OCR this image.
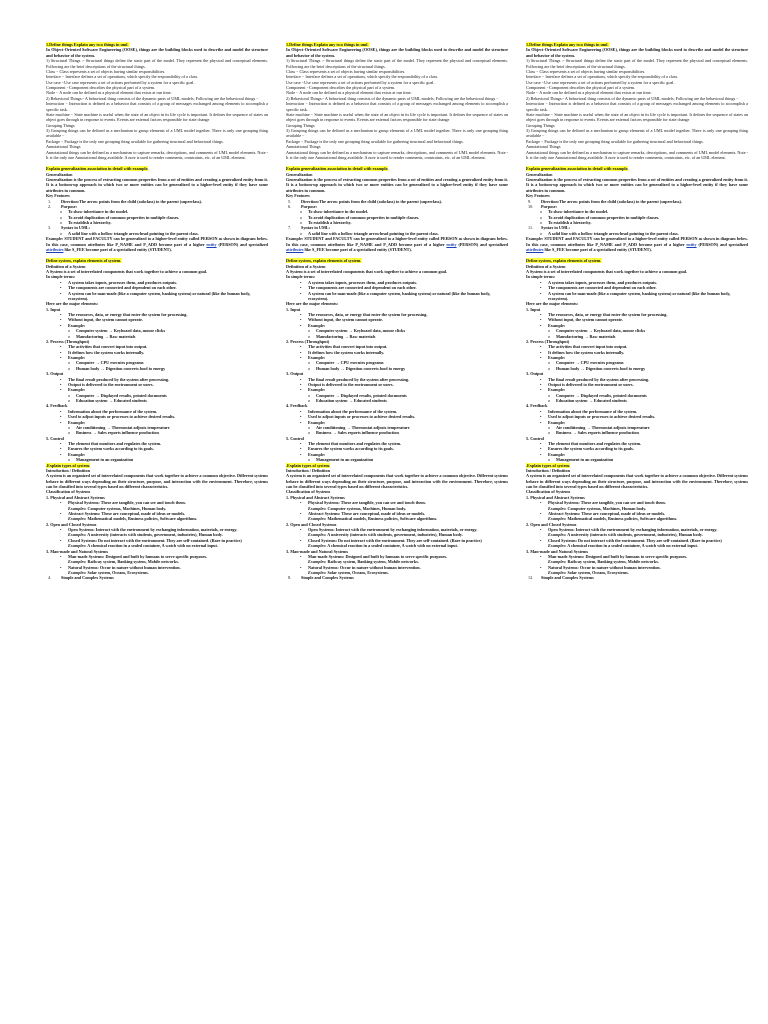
1.Define things Explain any two things in uml.

In Object-Oriented Software Engineering (OOSE), things are the building blocks used to describe and model the structure and behavior of the system.

1) Structural Things :- Structural things define the static part of the model. They represent the physical and conceptual elements. Following are the brief descriptions of the structural things.

Class − Class represents a set of objects having similar responsibilities.

Interface − Interface defines a set of operations, which specify the responsibility of a class.

Use case −Use case represents a set of actions performed by a system for a specific goal.

Component −Component describes the physical part of a system.

Node − A node can be defined as a physical element that exists at run time.

2) Behavioral Things:- A behavioral thing consists of the dynamic parts of UML models. Following are the behavioral things −

Interaction − Interaction is defined as a behavior that consists of a group of messages exchanged among elements to accomplish a specific task.

State machine − State machine is useful when the state of an object in its life cycle is important. It defines the sequence of states an object goes through in response to events. Events are external factors responsible for state change

Grouping Things

3) Grouping things can be defined as a mechanism to group elements of a UML model together. There is only one grouping thing available −

Package − Package is the only one grouping thing available for gathering structural and behavioral things.

Annotational Things

Annotational things can be defined as a mechanism to capture remarks, descriptions, and comments of UML model elements. Note - It is the only one Annotational thing available. A note is used to render comments, constraints, etc. of an UML element.

Explain generalization association in detail with example.

Generalization

Generalization is the process of extracting common properties from a set of entities and creating a generalized entity from it. It is a bottom-up approach in which two or more entities can be generalized to a higher-level entity if they have some attributes in common.

Key Features

1.	Direction:The arrow points from the child (subclass) to the parent (superclass).
2.	Purpose:
o	To show inheritance in the model.
o	To avoid duplication of common properties in multiple classes.
o	To establish a hierarchy.
3.	Syntax in UML:
o	A solid line with a hollow triangle arrowhead pointing to the parent class.

Example: STUDENT and FACULTY can be generalized to a higher-level entity called PERSON as shown in diagram below. In this case, common attributes like P_NAME and P_ADD become part of a higher entity (PERSON) and specialized attributes like S_FEE become part of a specialized entity (STUDENT).

Define system, explain elements of system.

Definition of a System

A System is a set of interrelated components that work together to achieve a common goal.

In simple terms:

•	A system takes inputs, processes them, and produces outputs.
•	The components are connected and dependent on each other.
•	A system can be man-made (like a computer system, banking system) or natural (like the human body, ecosystem).

Here are the major elements:

1. Input

•	The resources, data, or energy that enter the system for processing.
•	Without input, the system cannot operate.
•	Example:
o	Computer system → Keyboard data, mouse clicks
o	Manufacturing → Raw materials

2. Process (Throughput)

•	The activities that convert input into output.
•	It defines how the system works internally.
•	Example:
o	Computer → CPU executes programs
o	Human body → Digestion converts food to energy

3. Output

•	The final result produced by the system after processing.
•	Output is delivered to the environment or users.
•	Example:
o	Computer → Displayed results, printed documents
o	Education system → Educated students

4. Feedback

•	Information about the performance of the system.
•	Used to adjust inputs or processes to achieve desired results.
•	Example:
o	Air conditioning → Thermostat adjusts temperature
o	Business → Sales reports influence production

5. Control

•	The element that monitors and regulates the system.
•	Ensures the system works according to its goals.
•	Example:
o	Management in an organization

.Explain types of system.

Introduction / Definition

A system is an organized set of interrelated components that work together to achieve a common objective. Different systems behave in different ways depending on their structure, purpose, and interaction with the environment. Therefore, systems can be classified into several types based on different characteristics.

Classification of Systems

1. Physical and Abstract Systems

•	Physical Systems: These are tangible, you can see and touch them.
Examples: Computer systems, Machines, Human body.
•	Abstract Systems: These are conceptual, made of ideas or models.
Examples: Mathematical models, Business policies, Software algorithms.

2. Open and Closed Systems

•	Open Systems: Interact with the environment by exchanging information, materials, or energy.
Examples: A university (interacts with students, government, industries), Human body.
•	Closed Systems: Do not interact with the environment. They are self-contained. (Rare in practice)
Examples: A chemical reaction in a sealed container, A watch with no external input.

3. Man-made and Natural Systems

•	Man-made Systems: Designed and built by humans to serve specific purposes.
Examples: Railway system, Banking system, Mobile networks.
•	Natural Systems: Occur in nature without human intervention.
Examples: Solar system, Oceans, Ecosystems.
4.	Simple and Complex Systems

1.Define things Explain any two things in uml.

In Object-Oriented Software Engineering (OOSE), things are the building blocks used to describe and model the structure and behavior of the system.

1) Structural Things :- Structural things define the static part of the model. They represent the physical and conceptual elements. Following are the brief descriptions of the structural things.

Class − Class represents a set of objects having similar responsibilities.

Interface − Interface defines a set of operations, which specify the responsibility of a class.

Use case −Use case represents a set of actions performed by a system for a specific goal.

Component −Component describes the physical part of a system.

Node − A node can be defined as a physical element that exists at run time.

2) Behavioral Things:- A behavioral thing consists of the dynamic parts of UML models. Following are the behavioral things −

Interaction − Interaction is defined as a behavior that consists of a group of messages exchanged among elements to accomplish a specific task.

State machine − State machine is useful when the state of an object in its life cycle is important. It defines the sequence of states an object goes through in response to events. Events are external factors responsible for state change

Grouping Things

3) Grouping things can be defined as a mechanism to group elements of a UML model together. There is only one grouping thing available −

Package − Package is the only one grouping thing available for gathering structural and behavioral things.

Annotational Things

Annotational things can be defined as a mechanism to capture remarks, descriptions, and comments of UML model elements. Note - It is the only one Annotational thing available. A note is used to render comments, constraints, etc. of an UML element.

Explain generalization association in detail with example.

Generalization

Generalization is the process of extracting common properties from a set of entities and creating a generalized entity from it. It is a bottom-up approach in which two or more entities can be generalized to a higher-level entity if they have some attributes in common.

Key Features

5.	Direction:The arrow points from the child (subclass) to the parent (superclass).
6.	Purpose:
o	To show inheritance in the model.
o	To avoid duplication of common properties in multiple classes.
o	To establish a hierarchy.
7.	Syntax in UML:
o	A solid line with a hollow triangle arrowhead pointing to the parent class.

Example: STUDENT and FACULTY can be generalized to a higher-level entity called PERSON as shown in diagram below. In this case, common attributes like P_NAME and P_ADD become part of a higher entity (PERSON) and specialized attributes like S_FEE become part of a specialized entity (STUDENT).

Define system, explain elements of system.

Definition of a System

A System is a set of interrelated components that work together to achieve a common goal.

In simple terms:

•	A system takes inputs, processes them, and produces outputs.
•	The components are connected and dependent on each other.
•	A system can be man-made (like a computer system, banking system) or natural (like the human body, ecosystem).

Here are the major elements:

1. Input

•	The resources, data, or energy that enter the system for processing.
•	Without input, the system cannot operate.
•	Example:
o	Computer system → Keyboard data, mouse clicks
o	Manufacturing → Raw materials

2. Process (Throughput)

•	The activities that convert input into output.
•	It defines how the system works internally.
•	Example:
o	Computer → CPU executes programs
o	Human body → Digestion converts food to energy

3. Output

•	The final result produced by the system after processing.
•	Output is delivered to the environment or users.
•	Example:
o	Computer → Displayed results, printed documents
o	Education system → Educated students

4. Feedback

•	Information about the performance of the system.
•	Used to adjust inputs or processes to achieve desired results.
•	Example:
o	Air conditioning → Thermostat adjusts temperature
o	Business → Sales reports influence production

5. Control

•	The element that monitors and regulates the system.
•	Ensures the system works according to its goals.
•	Example:
o	Management in an organization

.Explain types of system.

Introduction / Definition

A system is an organized set of interrelated components that work together to achieve a common objective. Different systems behave in different ways depending on their structure, purpose, and interaction with the environment. Therefore, systems can be classified into several types based on different characteristics.

Classification of Systems

1. Physical and Abstract Systems

•	Physical Systems: These are tangible, you can see and touch them.
Examples: Computer systems, Machines, Human body.
•	Abstract Systems: These are conceptual, made of ideas or models.
Examples: Mathematical models, Business policies, Software algorithms.

2. Open and Closed Systems

•	Open Systems: Interact with the environment by exchanging information, materials, or energy.
Examples: A university (interacts with students, government, industries), Human body.
•	Closed Systems: Do not interact with the environment. They are self-contained. (Rare in practice)
Examples: A chemical reaction in a sealed container, A watch with no external input.

3. Man-made and Natural Systems

•	Man-made Systems: Designed and built by humans to serve specific purposes.
Examples: Railway system, Banking system, Mobile networks.
•	Natural Systems: Occur in nature without human intervention.
Examples: Solar system, Oceans, Ecosystems.
8.	Simple and Complex Systems

1.Define things Explain any two things in uml.

In Object-Oriented Software Engineering (OOSE), things are the building blocks used to describe and model the structure and behavior of the system.

1) Structural Things :- Structural things define the static part of the model. They represent the physical and conceptual elements. Following are the brief descriptions of the structural things.

Class − Class represents a set of objects having similar responsibilities.

Interface − Interface defines a set of operations, which specify the responsibility of a class.

Use case −Use case represents a set of actions performed by a system for a specific goal.

Component −Component describes the physical part of a system.

Node − A node can be defined as a physical element that exists at run time.

2) Behavioral Things:- A behavioral thing consists of the dynamic parts of UML models. Following are the behavioral things −

Interaction − Interaction is defined as a behavior that consists of a group of messages exchanged among elements to accomplish a specific task.

State machine − State machine is useful when the state of an object in its life cycle is important. It defines the sequence of states an object goes through in response to events. Events are external factors responsible for state change

Grouping Things

3) Grouping things can be defined as a mechanism to group elements of a UML model together. There is only one grouping thing available −

Package − Package is the only one grouping thing available for gathering structural and behavioral things.

Annotational Things

Annotational things can be defined as a mechanism to capture remarks, descriptions, and comments of UML model elements. Note - It is the only one Annotational thing available. A note is used to render comments, constraints, etc. of an UML element.

Explain generalization association in detail with example.

Generalization

Generalization is the process of extracting common properties from a set of entities and creating a generalized entity from it. It is a bottom-up approach in which two or more entities can be generalized to a higher-level entity if they have some attributes in common.

Key Features

9.	Direction:The arrow points from the child (subclass) to the parent (superclass).
10.	Purpose:
o	To show inheritance in the model.
o	To avoid duplication of common properties in multiple classes.
o	To establish a hierarchy.
11.	Syntax in UML:
o	A solid line with a hollow triangle arrowhead pointing to the parent class.

Example: STUDENT and FACULTY can be generalized to a higher-level entity called PERSON as shown in diagram below. In this case, common attributes like P_NAME and P_ADD become part of a higher entity (PERSON) and specialized attributes like S_FEE become part of a specialized entity (STUDENT).

Define system, explain elements of system.

Definition of a System

A System is a set of interrelated components that work together to achieve a common goal.

In simple terms:

•	A system takes inputs, processes them, and produces outputs.
•	The components are connected and dependent on each other.
•	A system can be man-made (like a computer system, banking system) or natural (like the human body, ecosystem).

Here are the major elements:

1. Input

•	The resources, data, or energy that enter the system for processing.
•	Without input, the system cannot operate.
•	Example:
o	Computer system → Keyboard data, mouse clicks
o	Manufacturing → Raw materials

2. Process (Throughput)

•	The activities that convert input into output.
•	It defines how the system works internally.
•	Example:
o	Computer → CPU executes programs
o	Human body → Digestion converts food to energy

3. Output

•	The final result produced by the system after processing.
•	Output is delivered to the environment or users.
•	Example:
o	Computer → Displayed results, printed documents
o	Education system → Educated students

4. Feedback

•	Information about the performance of the system.
•	Used to adjust inputs or processes to achieve desired results.
•	Example:
o	Air conditioning → Thermostat adjusts temperature
o	Business → Sales reports influence production

5. Control

•	The element that monitors and regulates the system.
•	Ensures the system works according to its goals.
•	Example:
o	Management in an organization

.Explain types of system.

Introduction / Definition

A system is an organized set of interrelated components that work together to achieve a common objective. Different systems behave in different ways depending on their structure, purpose, and interaction with the environment. Therefore, systems can be classified into several types based on different characteristics.

Classification of Systems

1. Physical and Abstract Systems

•	Physical Systems: These are tangible, you can see and touch them.
Examples: Computer systems, Machines, Human body.
•	Abstract Systems: These are conceptual, made of ideas or models.
Examples: Mathematical models, Business policies, Software algorithms.

2. Open and Closed Systems

•	Open Systems: Interact with the environment by exchanging information, materials, or energy.
Examples: A university (interacts with students, government, industries), Human body.
•	Closed Systems: Do not interact with the environment. They are self-contained. (Rare in practice)
Examples: A chemical reaction in a sealed container, A watch with no external input.

3. Man-made and Natural Systems

•	Man-made Systems: Designed and built by humans to serve specific purposes.
Examples: Railway system, Banking system, Mobile networks.
•	Natural Systems: Occur in nature without human intervention.
Examples: Solar system, Oceans, Ecosystems.
12.	Simple and Complex Systems
